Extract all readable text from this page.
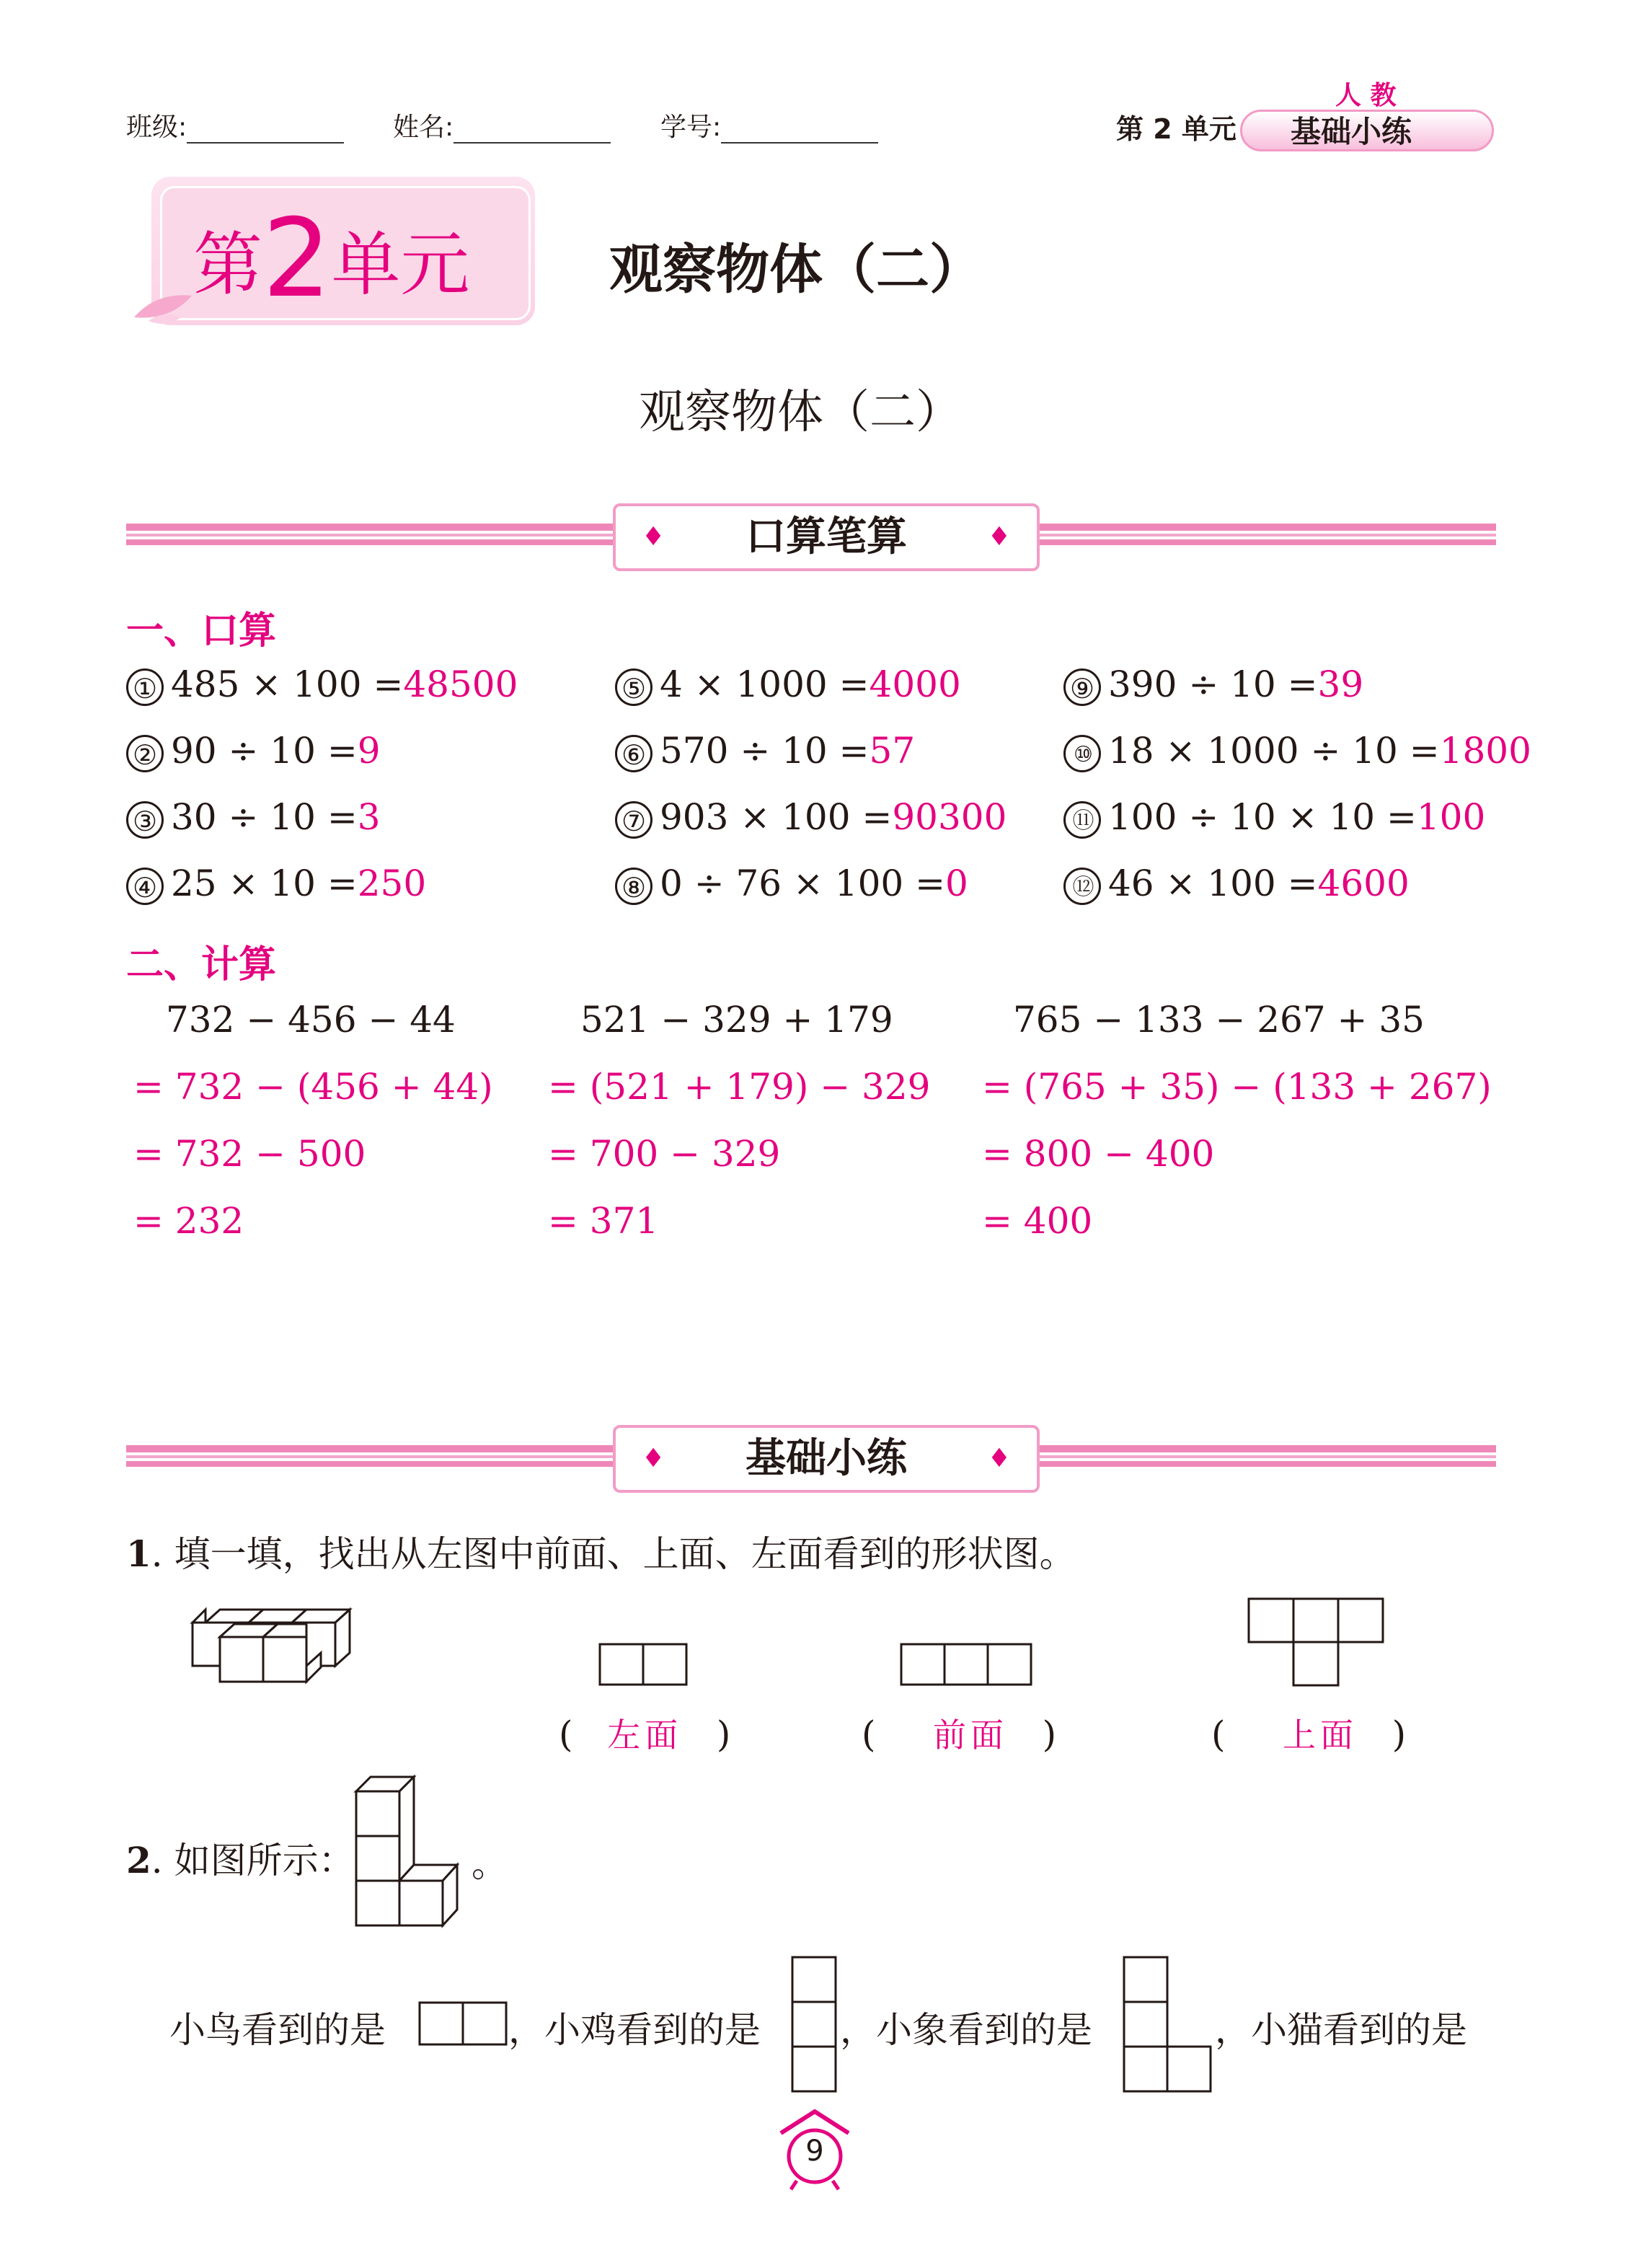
班级:	姓名:	学号:	第 2 单元
人 教
基础小练
第2单元	观察物体（二）
观察物体（二）
♦ 口算笔算	♦
一、口算
① 485 × 100 =48500
② 90 ÷ 10 =9
③ 30 ÷ 10 =3
④ 25 × 10 =250
⑤ 4 × 1000 =4000
⑥ 570 ÷ 10 =57
⑦ 903 × 100 =90300
⑧ 0 ÷ 76 × 100 =0
⑨ 390 ÷ 10 =39
⑩ 18 × 1000 ÷ 10 =1800
⑪ 100 ÷ 10 × 10 =100
⑫ 46 × 100 =4600
二、计算
732 − 456 − 44
= 732 − (456 + 44)
= 732 − 500
= 232
521 − 329 + 179
= (521 + 179) − 329
= 700 − 329
= 371
765 − 133 − 267 + 35
= (765 + 35) − (133 + 267)
= 800 − 400
= 400
♦ 基础小练	♦
1. 填一填，找出从左图中前面、上面、左面看到的形状图。
(   左面   )	(     前面   )	(     上面   )
2. 如图所示：	。
小鸟看到的是	，小鸡看到的是 ，小象看到的是	，小猫看到的是
9
